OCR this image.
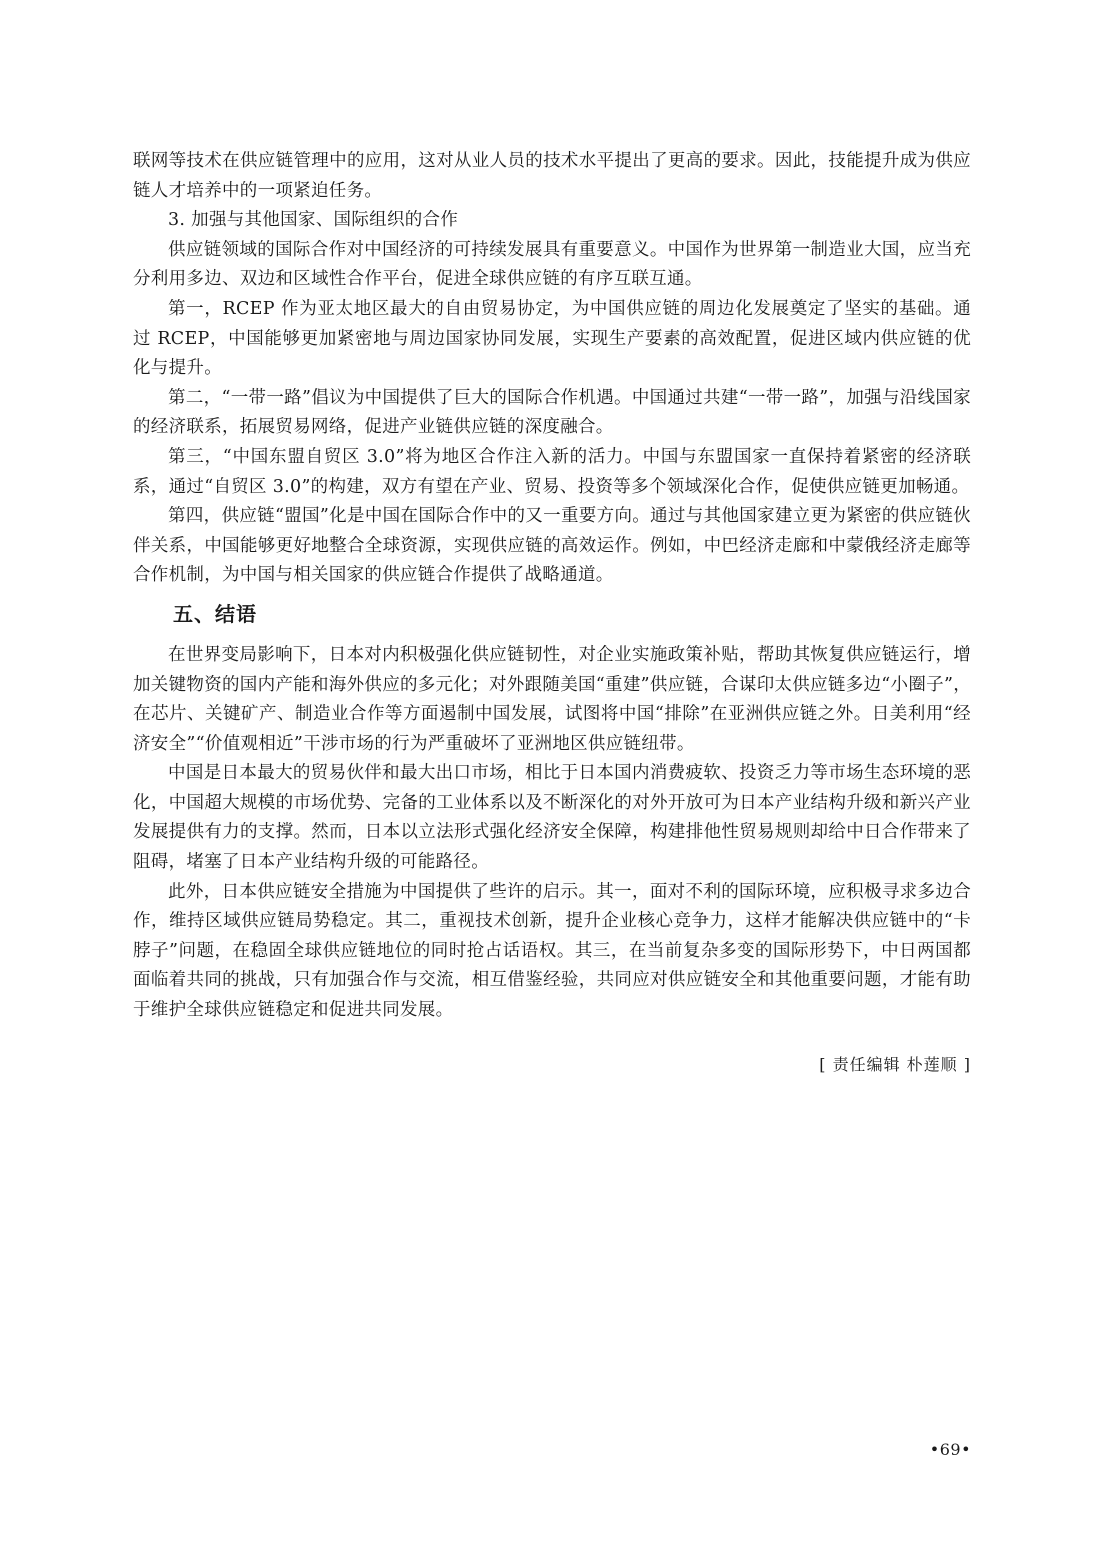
联网等技术在供应链管理中的应用，这对从业人员的技术水平提出了更高的要求。因此，技能提升成为供应链人才培养中的一项紧迫任务。

3. 加强与其他国家、国际组织的合作

供应链领域的国际合作对中国经济的可持续发展具有重要意义。中国作为世界第一制造业大国，应当充分利用多边、双边和区域性合作平台，促进全球供应链的有序互联互通。

第一，RCEP 作为亚太地区最大的自由贸易协定，为中国供应链的周边化发展奠定了坚实的基础。通过 RCEP，中国能够更加紧密地与周边国家协同发展，实现生产要素的高效配置，促进区域内供应链的优化与提升。

第二，“一带一路”倡议为中国提供了巨大的国际合作机遇。中国通过共建“一带一路”，加强与沿线国家的经济联系，拓展贸易网络，促进产业链供应链的深度融合。

第三，“中国东盟自贸区 3.0”将为地区合作注入新的活力。中国与东盟国家一直保持着紧密的经济联系，通过“自贸区 3.0”的构建，双方有望在产业、贸易、投资等多个领域深化合作，促使供应链更加畅通。

第四，供应链“盟国”化是中国在国际合作中的又一重要方向。通过与其他国家建立更为紧密的供应链伙伴关系，中国能够更好地整合全球资源，实现供应链的高效运作。例如，中巴经济走廊和中蒙俄经济走廊等合作机制，为中国与相关国家的供应链合作提供了战略通道。

五、结语

在世界变局影响下，日本对内积极强化供应链韧性，对企业实施政策补贴，帮助其恢复供应链运行，增加关键物资的国内产能和海外供应的多元化；对外跟随美国“重建”供应链，合谋印太供应链多边“小圈子”，在芯片、关键矿产、制造业合作等方面遏制中国发展，试图将中国“排除”在亚洲供应链之外。日美利用“经济安全”“价值观相近”干涉市场的行为严重破坏了亚洲地区供应链纽带。

中国是日本最大的贸易伙伴和最大出口市场，相比于日本国内消费疲软、投资乏力等市场生态环境的恶化，中国超大规模的市场优势、完备的工业体系以及不断深化的对外开放可为日本产业结构升级和新兴产业发展提供有力的支撑。然而，日本以立法形式强化经济安全保障，构建排他性贸易规则却给中日合作带来了阻碍，堵塞了日本产业结构升级的可能路径。

此外，日本供应链安全措施为中国提供了些许的启示。其一，面对不利的国际环境，应积极寻求多边合作，维持区域供应链局势稳定。其二，重视技术创新，提升企业核心竞争力，这样才能解决供应链中的“卡脖子”问题，在稳固全球供应链地位的同时抢占话语权。其三，在当前复杂多变的国际形势下，中日两国都面临着共同的挑战，只有加强合作与交流，相互借鉴经验，共同应对供应链安全和其他重要问题，才能有助于维护全球供应链稳定和促进共同发展。

[ 责任编辑 朴莲顺 ]
•69•
